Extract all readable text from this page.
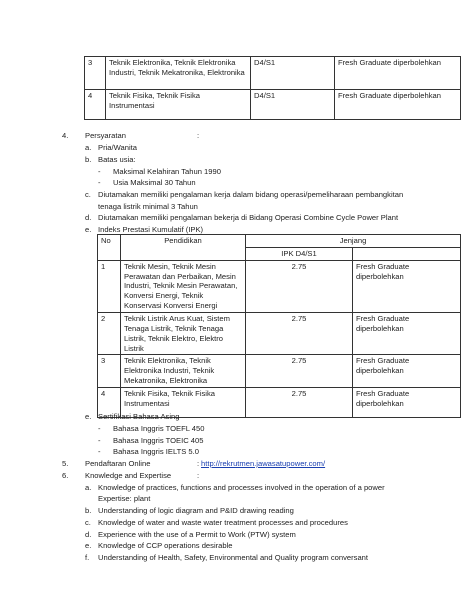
3	Teknik Elektronika, Teknik Elektronika Industri, Teknik Mekatronika, Elektronika	D4/S1	Fresh Graduate diperbolehkan
4	Teknik Fisika, Teknik Fisika Instrumentasi	D4/S1	Fresh Graduate diperbolehkan
4. Persyaratan	:
a. Pria/Wanita
b. Batas usia:
- Maksimal Kelahiran Tahun 1990
- Usia Maksimal 30 Tahun
c. Diutamakan memiliki pengalaman kerja dalam bidang operasi/pemeliharaan pembangkitan
tenaga listrik minimal 3 Tahun
d. Diutamakan memiliki pengalaman bekerja di Bidang Operasi Combine Cycle Power Plant
e. Indeks Prestasi Kumulatif (IPK)
No	Pendidikan	Jenjang	
		IPK D4/S1	
1	Teknik Mesin, Teknik Mesin Perawatan dan Perbaikan, Mesin Industri, Teknik Mesin Perawatan, Konversi Energi, Teknik Konservasi Konversi Energi	2.75	Fresh Graduate diperbolehkan
2	Teknik Listrik Arus Kuat, Sistem Tenaga Listrik, Teknik Tenaga Listrik, Teknik Elektro, Elektro Listrik	2.75	Fresh Graduate diperbolehkan
3	Teknik Elektronika, Teknik Elektronika Industri, Teknik Mekatronika, Elektronika	2.75	Fresh Graduate diperbolehkan
4	Teknik Fisika, Teknik Fisika Instrumentasi	2.75	Fresh Graduate diperbolehkan
e. Sertifikasi Bahasa Asing
- Bahasa Inggris TOEFL 450
- Bahasa Inggris TOEIC 405
- Bahasa Inggris IELTS 5.0
5. Pendaftaran Online	: http://rekrutmen.jawasatupower.com/
6. Knowledge and Expertise	:
a. Knowledge of practices, functions and processes involved in the operation of a power
Expertise: plant
b. Understanding of logic diagram and P&ID drawing reading
c. Knowledge of water and waste water treatment processes and procedures
d. Experience with the use of a Permit to Work (PTW) system
e. Knowledge of CCP operations desirable
f. Understanding of Health, Safety, Environmental and Quality program conversant
